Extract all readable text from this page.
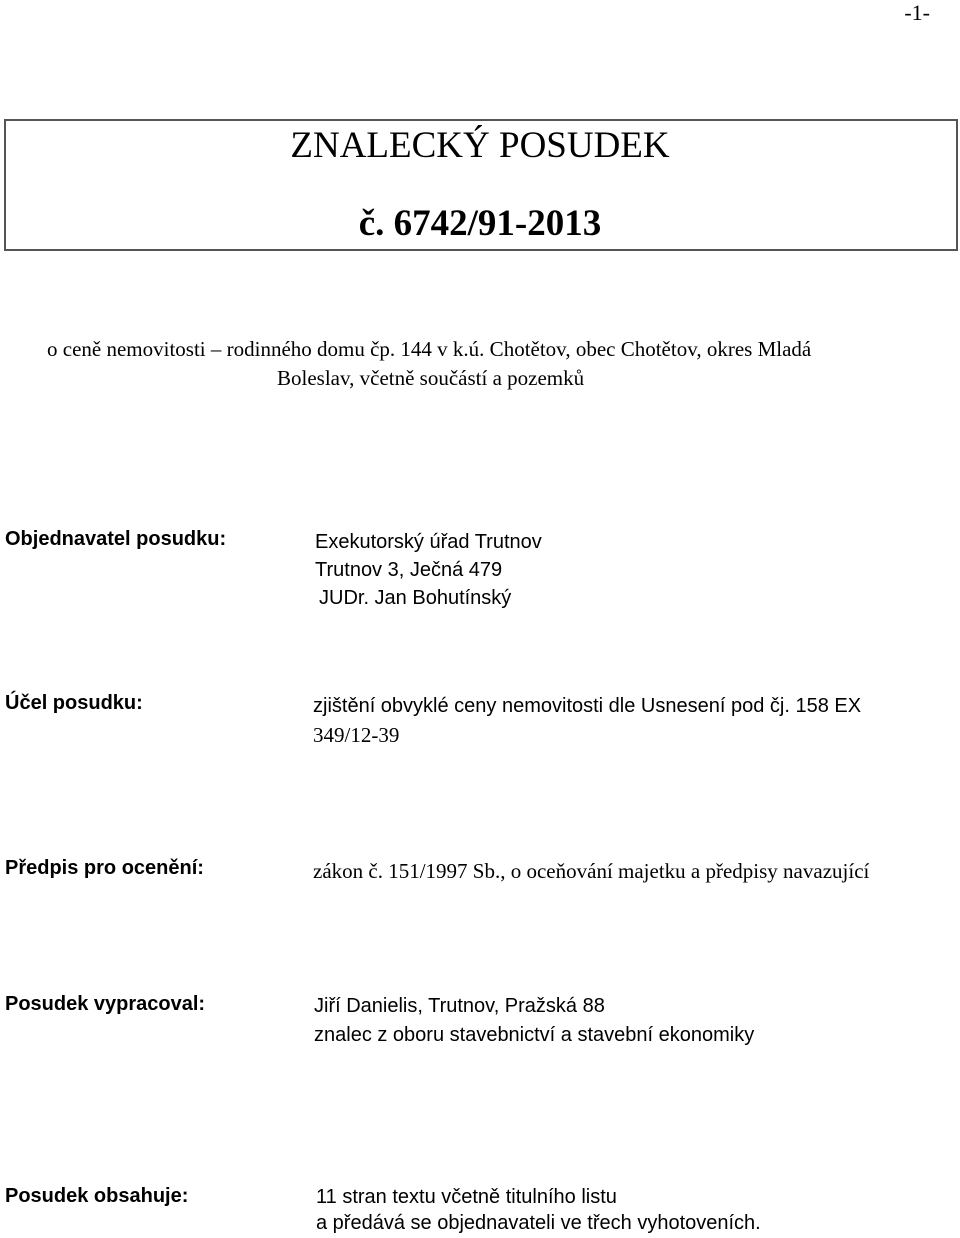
-1-
ZNALECKÝ POSUDEK
č. 6742/91-2013
o ceně nemovitosti – rodinného domu čp. 144 v k.ú. Chotětov, obec Chotětov, okres Mladá
Boleslav, včetně součástí a pozemků
Objednavatel posudku:	Exekutorský úřad Trutnov
Trutnov 3, Ječná 479
JUDr. Jan Bohutínský
Účel posudku:	zjištění obvyklé ceny nemovitosti dle Usnesení pod čj. 158 EX
349/12-39
Předpis pro ocenění:	zákon č. 151/1997 Sb., o oceňování majetku a předpisy navazující
Posudek vypracoval:	Jiří Danielis, Trutnov, Pražská 88
znalec z oboru stavebnictví a stavební ekonomiky
Posudek obsahuje:	11 stran textu včetně titulního listu
a předává se objednavateli ve třech vyhotoveních.
